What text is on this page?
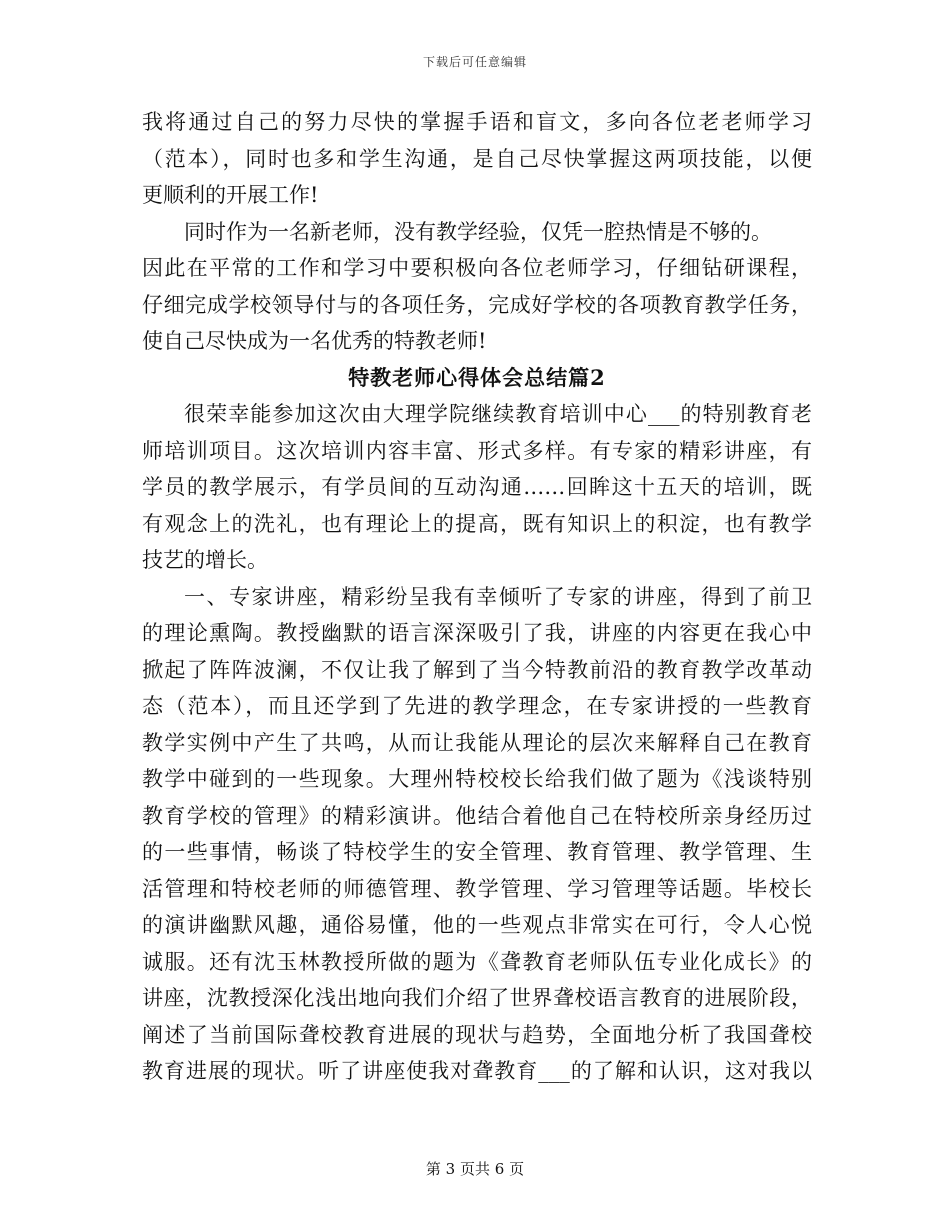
下载后可任意编辑
我将通过自己的努力尽快的掌握手语和盲文，多向各位老老师学习
（范本），同时也多和学生沟通，是自己尽快掌握这两项技能，以便
更顺利的开展工作!
同时作为一名新老师，没有教学经验，仅凭一腔热情是不够的。
因此在平常的工作和学习中要积极向各位老师学习，仔细钻研课程，
仔细完成学校领导付与的各项任务，完成好学校的各项教育教学任务，
使自己尽快成为一名优秀的特教老师!
特教老师心得体会总结篇2
很荣幸能参加这次由大理学院继续教育培训中心___的特别教育老
师培训项目。这次培训内容丰富、形式多样。有专家的精彩讲座，有
学员的教学展示，有学员间的互动沟通……回眸这十五天的培训，既
有观念上的洗礼，也有理论上的提高，既有知识上的积淀，也有教学
技艺的增长。
一、专家讲座，精彩纷呈我有幸倾听了专家的讲座，得到了前卫
的理论熏陶。教授幽默的语言深深吸引了我，讲座的内容更在我心中
掀起了阵阵波澜，不仅让我了解到了当今特教前沿的教育教学改革动
态（范本），而且还学到了先进的教学理念，在专家讲授的一些教育
教学实例中产生了共鸣，从而让我能从理论的层次来解释自己在教育
教学中碰到的一些现象。大理州特校校长给我们做了题为《浅谈特别
教育学校的管理》的精彩演讲。他结合着他自己在特校所亲身经历过
的一些事情，畅谈了特校学生的安全管理、教育管理、教学管理、生
活管理和特校老师的师德管理、教学管理、学习管理等话题。毕校长
的演讲幽默风趣，通俗易懂，他的一些观点非常实在可行，令人心悦
诚服。还有沈玉林教授所做的题为《聋教育老师队伍专业化成长》的
讲座，沈教授深化浅出地向我们介绍了世界聋校语言教育的进展阶段，
阐述了当前国际聋校教育进展的现状与趋势，全面地分析了我国聋校
教育进展的现状。听了讲座使我对聋教育___的了解和认识，这对我以
第 3 页共 6 页
